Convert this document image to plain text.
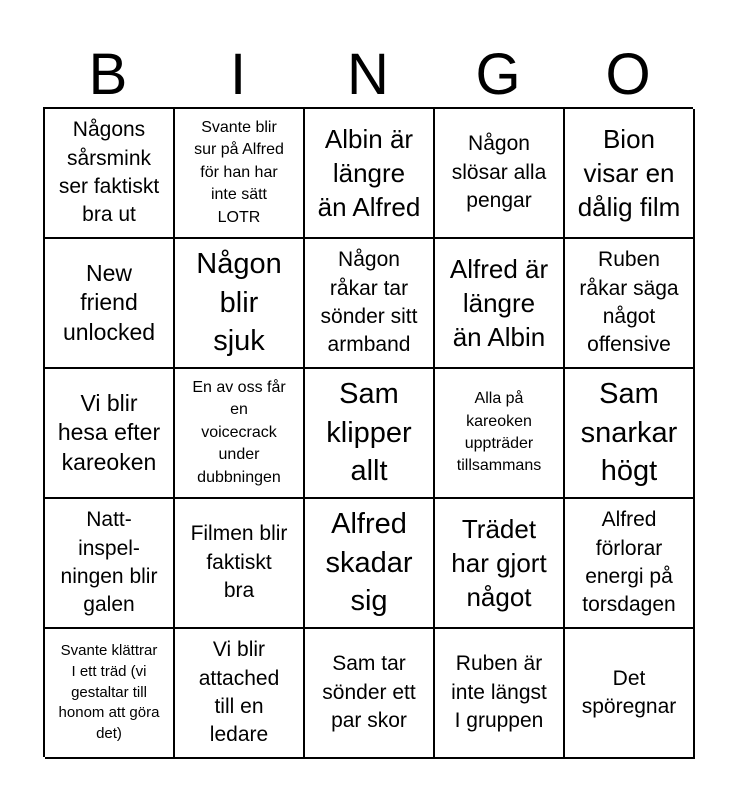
B	I	N	G	O
Någons
sårsmink
ser faktiskt
bra ut
Svante blir
sur på Alfred
för han har
inte sätt
LOTR
Albin är
längre
än Alfred
Någon
slösar alla
pengar
Bion
visar en
dålig film
New
friend
unlocked
Någon
blir
sjuk
Någon
råkar tar
sönder sitt
armband
Alfred är
längre
än Albin
Ruben
råkar säga
något
offensive
Vi blir
hesa efter
kareoken
En av oss får
en
voicecrack
under
dubbningen
Sam
klipper
allt
Alla på
kareoken
uppträder
tillsammans
Sam
snarkar
högt
Natt-
inspel-
ningen blir
galen
Filmen blir
faktiskt
bra
Alfred
skadar
sig
Trädet
har gjort
något
Alfred
förlorar
energi på
torsdagen
Svante klättrar
I ett träd (vi
gestaltar till
honom att göra
det)
Vi blir
attached
till en
ledare
Sam tar
sönder ett
par skor
Ruben är
inte längst
I gruppen
Det
spöregnar
